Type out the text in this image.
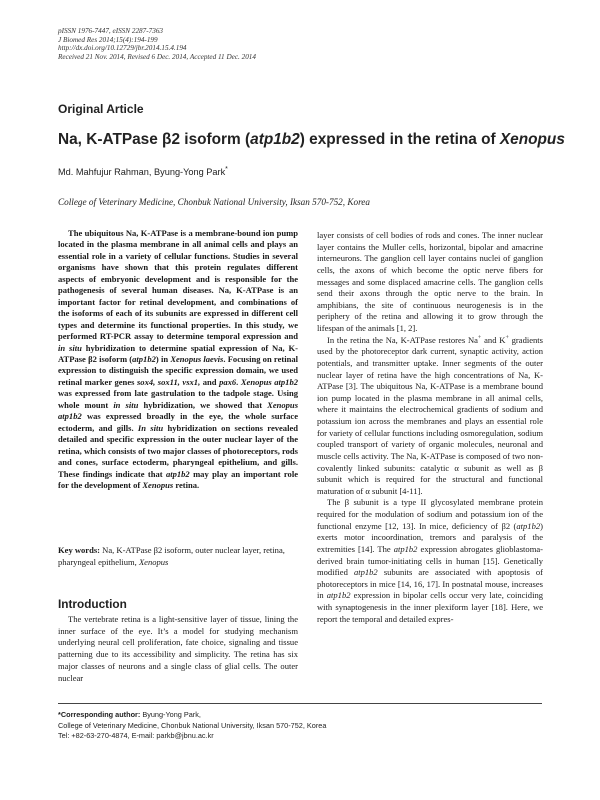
pISSN 1976-7447, eISSN 2287-7363
J Biomed Res 2014;15(4):194-199
http://dx.doi.org/10.12729/jbr.2014.15.4.194
Received 21 Nov. 2014, Revised 6 Dec. 2014, Accepted 11 Dec. 2014
Original Article
Na, K-ATPase β2 isoform (atp1b2) expressed in the retina of Xenopus
Md. Mahfujur Rahman, Byung-Yong Park*
College of Veterinary Medicine, Chonbuk National University, Iksan 570-752, Korea

The ubiquitous Na, K-ATPase is a membrane-bound ion pump located in the plasma membrane in all animal cells and plays an essential role in a variety of cellular functions. Studies in several organisms have shown that this protein regulates different aspects of embryonic development and is responsible for the pathogenesis of several human diseases. Na, K-ATPase is an important factor for retinal development, and combinations of the isoforms of each of its subunits are expressed in different cell types and determine its functional properties. In this study, we performed RT-PCR assay to determine temporal expression and in situ hybridization to determine spatial expression of Na, K-ATPase β2 isoform (atp1b2) in Xenopus laevis. Focusing on retinal expression to distinguish the specific expression domain, we used retinal marker genes sox4, sox11, vsx1, and pax6. Xenopus atp1b2 was expressed from late gastrulation to the tadpole stage. Using whole mount in situ hybridization, we showed that Xenopus atp1b2 was expressed broadly in the eye, the whole surface ectoderm, and gills. In situ hybridization on sections revealed detailed and specific expression in the outer nuclear layer of the retina, which consists of two major classes of photoreceptors, rods and cones, surface ectoderm, pharyngeal epithelium, and gills. These findings indicate that atp1b2 may play an important role for the development of Xenopus retina.

Key words: Na, K-ATPase β2 isoform, outer nuclear layer, retina, pharyngeal epithelium, Xenopus

Introduction

The vertebrate retina is a light-sensitive layer of tissue, lining the inner surface of the eye. It’s a model for studying mechanism underlying neural cell proliferation, fate choice, signaling and tissue patterning due to its accessibility and simplicity. The retina has six major classes of neurons and a single class of glial cells. The outer nuclear

layer consists of cell bodies of rods and cones. The inner nuclear layer contains the Muller cells, horizontal, bipolar and amacrine interneurons. The ganglion cell layer contains nuclei of ganglion cells, the axons of which become the optic nerve fibers for messages and some displaced amacrine cells. The ganglion cells send their axons through the optic nerve to the brain. In amphibians, the site of continuous neurogenesis is in the periphery of the retina and allowing it to grow through the lifespan of the animals [1, 2].

In the retina the Na, K-ATPase restores Na+ and K+ gradients used by the photoreceptor dark current, synaptic activity, action potentials, and transmitter uptake. Inner segments of the outer nuclear layer of retina have the high concentrations of Na, K-ATPase [3]. The ubiquitous Na, K-ATPase is a membrane bound ion pump located in the plasma membrane in all animal cells, where it maintains the electrochemical gradients of sodium and potassium ion across the membranes and plays an essential role for variety of cellular functions including osmoregulation, sodium coupled transport of variety of organic molecules, neuronal and muscle cells activity. The Na, K-ATPase is composed of two non-covalently linked subunits: catalytic α subunit as well as β subunit which is required for the structural and functional maturation of α subunit [4-11].

The β subunit is a type II glycosylated membrane protein required for the modulation of sodium and potassium ion of the functional enzyme [12, 13]. In mice, deficiency of β2 (atp1b2) exerts motor incoordination, tremors and paralysis of the extremities [14]. The atp1b2 expression abrogates glioblastoma-derived brain tumor-initiating cells in human [15]. Genetically modified atp1b2 subunits are associated with apoptosis of photoreceptors in mice [14, 16, 17]. In postnatal mouse, increases in atp1b2 expression in bipolar cells occur very late, coinciding with synaptogenesis in the inner plexiform layer [18]. Here, we report the temporal and detailed expres-

*Corresponding author: Byung-Yong Park,
College of Veterinary Medicine, Chonbuk National University, Iksan 570-752, Korea
Tel: +82-63-270-4874, E-mail: parkb@jbnu.ac.kr
